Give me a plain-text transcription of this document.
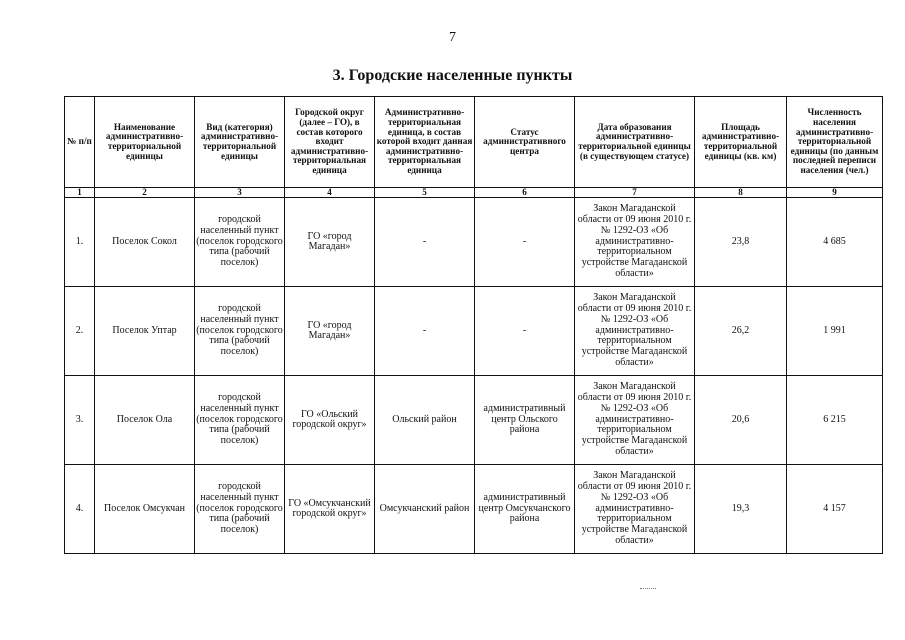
7
3. Городские населенные пункты
№ п/п	Наименование административно-территориальной единицы	Вид (категория) административно-территориальной единицы	Городской округ (далее – ГО), в состав которого входит административно-территориальная единица	Административно-территориальная единица, в состав которой входит данная административно-территориальная единица	Статус административного центра	Дата образования административно-территориальной единицы (в существующем статусе)	Площадь административно-территориальной единицы (кв. км)	Численность населения административно-территориальной единицы (по данным последней переписи населения (чел.)
1	2	3	4	5	6	7	8	9
1.	Поселок Сокол	городской населенный пункт (поселок городского типа (рабочий поселок)	ГО «город Магадан»	-	-	Закон Магаданской области от 09 июня 2010 г. № 1292-ОЗ «Об административно-территориальном устройстве Магаданской области»	23,8	4 685
2.	Поселок Уптар	городской населенный пункт (поселок городского типа (рабочий поселок)	ГО «город Магадан»	-	-	Закон Магаданской области от 09 июня 2010 г. № 1292-ОЗ «Об административно-территориальном устройстве Магаданской области»	26,2	1 991
3.	Поселок Ола	городской населенный пункт (поселок городского типа (рабочий поселок)	ГО «Ольский городской округ»	Ольский район	административный центр Ольского района	Закон Магаданской области от 09 июня 2010 г. № 1292-ОЗ «Об административно-территориальном устройстве Магаданской области»	20,6	6 215
4.	Поселок Омсукчан	городской населенный пункт (поселок городского типа (рабочий поселок)	ГО «Омсукчанский городской округ»	Омсукчанский район	административный центр Омсукчанского района	Закон Магаданской области от 09 июня 2010 г. № 1292-ОЗ «Об административно-территориальном устройстве Магаданской области»	19,3	4 157
